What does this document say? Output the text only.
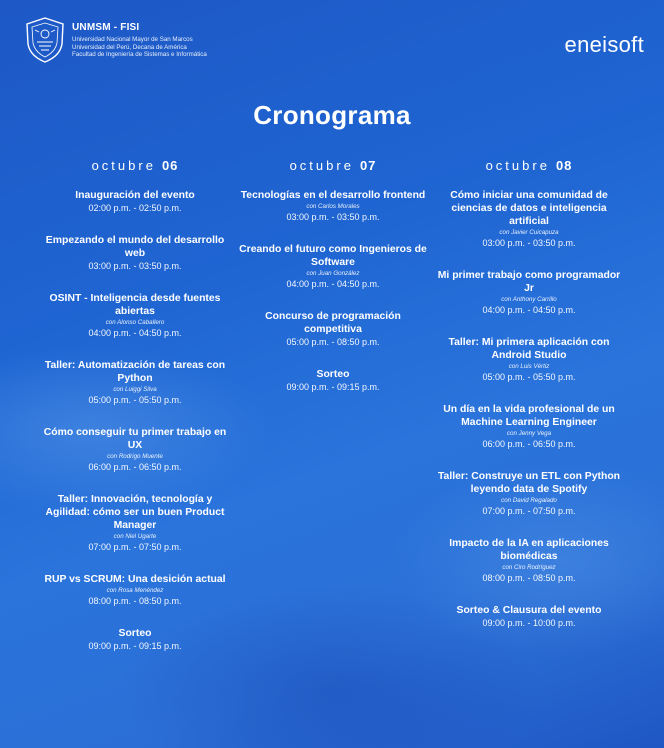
UNMSM - FISI
Universidad Nacional Mayor de San Marcos
Universidad del Perú, Decana de América
Facultad de Ingeniería de Sistemas e Informática	eneisoft
Cronograma
octubre 06
Inauguración del evento
02:00 p.m. - 02:50 p.m.
Empezando el mundo del desarrollo web
03:00 p.m. - 03:50 p.m.
OSINT - Inteligencia desde fuentes abiertas
con Alonso Caballero
04:00 p.m. - 04:50 p.m.
Taller: Automatización de tareas con Python
con Luiggi Silva
05:00 p.m. - 05:50 p.m.
Cómo conseguir tu primer trabajo en UX
con Rodrigo Muente
06:00 p.m. - 06:50 p.m.
Taller: Innovación, tecnología y Agilidad: cómo ser un buen Product Manager
con Niel Ugarte
07:00 p.m. - 07:50 p.m.
RUP vs SCRUM: Una desición actual
con Rosa Menéndez
08:00 p.m. - 08:50 p.m.
Sorteo
09:00 p.m. - 09:15 p.m.
octubre 07
Tecnologías en el desarrollo frontend
con Carlos Morales
03:00 p.m. - 03:50 p.m.
Creando el futuro como Ingenieros de Software
con Juan González
04:00 p.m. - 04:50 p.m.
Concurso de programación competitiva
05:00 p.m. - 08:50 p.m.
Sorteo
09:00 p.m. - 09:15 p.m.
octubre 08
Cómo iniciar una comunidad de ciencias de datos e inteligencia artificial
con Javier Cuicapuza
03:00 p.m. - 03:50 p.m.
Mi primer trabajo como programador Jr
con Anthony Carrillo
04:00 p.m. - 04:50 p.m.
Taller: Mi primera aplicación con Android Studio
con Luis Vértiz
05:00 p.m. - 05:50 p.m.
Un día en la vida profesional de un Machine Learning Engineer
con Jenny Vega
06:00 p.m. - 06:50 p.m.
Taller: Construye un ETL con Python leyendo data de Spotify
con David Regalado
07:00 p.m. - 07:50 p.m.
Impacto de la IA en aplicaciones biomédicas
con Ciro Rodríguez
08:00 p.m. - 08:50 p.m.
Sorteo & Clausura del evento
09:00 p.m. - 10:00 p.m.
